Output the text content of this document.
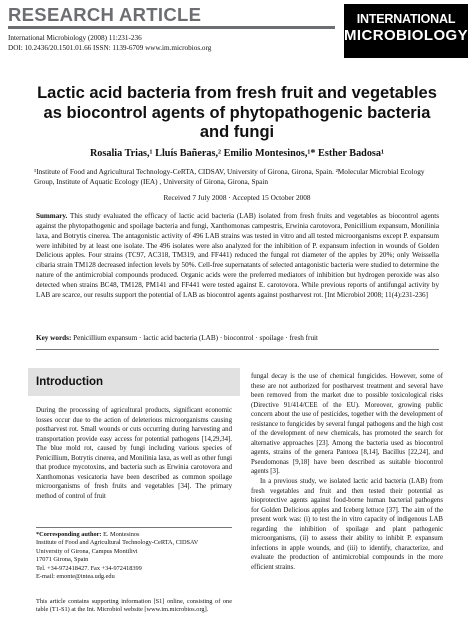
RESEARCH ARTICLE
International Microbiology (2008) 11:231-236
DOI: 10.2436/20.1501.01.66 ISSN: 1139-6709 www.im.microbios.org
INTERNATIONAL
MICROBIOLOGY
Lactic acid bacteria from fresh fruit and vegetables as biocontrol agents of phytopathogenic bacteria and fungi
Rosalia Trias,¹ Lluís Bañeras,² Emilio Montesinos,¹* Esther Badosa¹
¹Institute of Food and Agricultural Technology-CeRTA, CIDSAV, University of Girona, Girona, Spain. ²Molecular Microbial Ecology Group, Institute of Aquatic Ecology (IEA) , University of Girona, Girona, Spain
Received 7 July 2008 · Accepted 15 October 2008
Summary. This study evaluated the efficacy of lactic acid bacteria (LAB) isolated from fresh fruits and vegetables as biocontrol agents against the phytopathogenic and spoilage bacteria and fungi, Xanthomonas campestris, Erwinia carotovora, Penicillium expansum, Monilinia laxa, and Botrytis cinerea. The antagonistic activity of 496 LAB strains was tested in vitro and all tested microorganisms except P. expansum were inhibited by at least one isolate. The 496 isolates were also analyzed for the inhibition of P. expansum infection in wounds of Golden Delicious apples. Four strains (TC97, AC318, TM319, and FF441) reduced the fungal rot diameter of the apples by 20%; only Weissella cibaria strain TM128 decreased infection levels by 50%. Cell-free supernatants of selected antagonistic bacteria were studied to determine the nature of the antimicrobial compounds produced. Organic acids were the preferred mediators of inhibition but hydrogen peroxide was also detected when strains BC48, TM128, PM141 and FF441 were tested against E. carotovora. While previous reports of antifungal activity by LAB are scarce, our results support the potential of LAB as biocontrol agents against postharvest rot. [Int Microbiol 2008; 11(4):231-236]
Key words: Penicillium expansum · lactic acid bacteria (LAB) · biocontrol · spoilage · fresh fruit
Introduction

During the processing of agricultural products, significant economic losses occur due to the action of deleterious microorganisms causing postharvest rot. Small wounds or cuts occurring during harvesting and transportation provide easy access for potential pathogens [14,29,34]. The blue mold rot, caused by fungi including various species of Penicillium, Botrytis cinerea, and Monilinia laxa, as well as other fungi that produce mycotoxins, and bacteria such as Erwinia carotovora and Xanthomonas vesicatoria have been described as common spoilage microorganisms of fresh fruits and vegetables [34]. The primary method of control of fruit

*Corresponding author: E. Montesinos
Institute of Food and Agricultural Technology-CeRTA, CIDSAV
University of Girona, Campus Montilivi
17071 Girona, Spain
Tel. +34-972418427. Fax +34-972418399
E-mail: emonte@intea.udg.edu
This article contains supporting information [S1] online, consisting of one table (T1-S1) at the Int. Microbiol website [www.im.microbios.org].

fungal decay is the use of chemical fungicides. However, some of these are not authorized for postharvest treatment and several have been removed from the market due to possible toxicological risks (Directive 91/414/CEE of the EU). Moreover, growing public concern about the use of pesticides, together with the development of resistance to fungicides by several fungal pathogens and the high cost of the development of new chemicals, has promoted the search for alternative approaches [23]. Among the bacteria used as biocontrol agents, strains of the genera Pantoea [8,14], Bacillus [22,24], and Pseudomonas [9,18] have been described as suitable biocontrol agents [3].

In a previous study, we isolated lactic acid bacteria (LAB) from fresh vegetables and fruit and then tested their potential as bioprotective agents against food-borne human bacterial pathogens for Golden Delicious apples and Iceberg lettuce [37]. The aim of the present work was: (i) to test the in vitro capacity of indigenous LAB regarding the inhibition of spoilage and plant pathogenic microorganisms, (ii) to assess their ability to inhibit P. expansum infections in apple wounds, and (iii) to identify, characterize, and evaluate the production of antimicrobial compounds in the more efficient strains.
